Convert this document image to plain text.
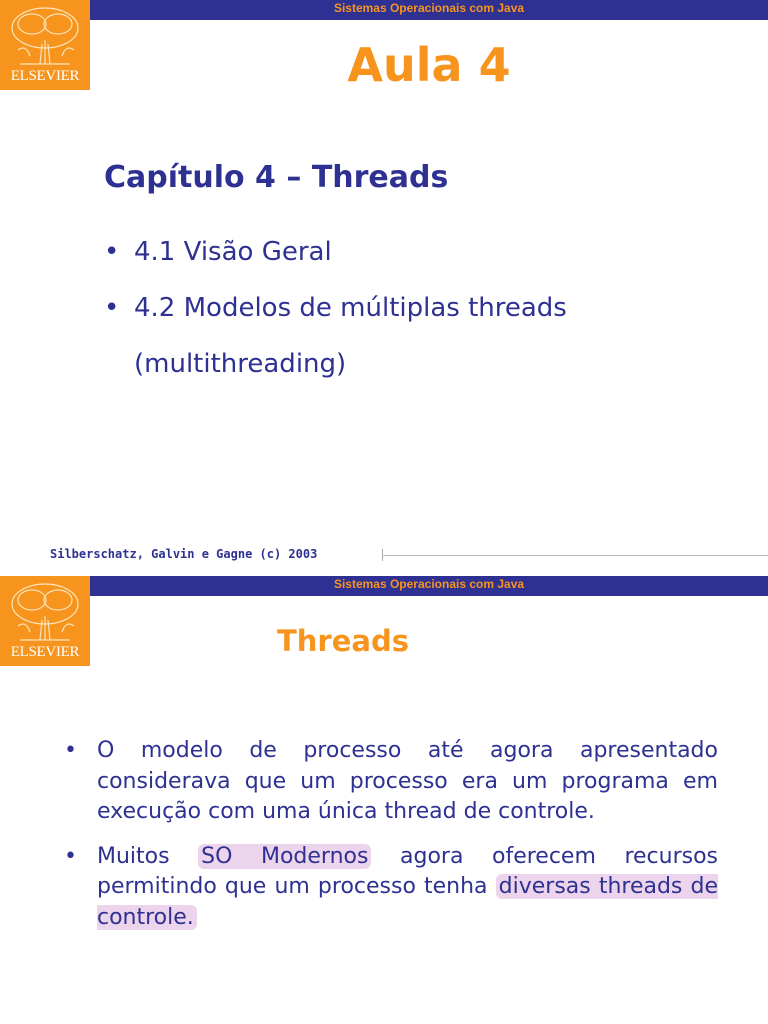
Sistemas Operacionais com Java
ELSEVIER	Aula 4
Capítulo 4 – Threads
• 4.1 Visão Geral
• 4.2 Modelos de múltiplas threads (multithreading)
Silberschatz, Galvin e Gagne (c) 2003
Sistemas Operacionais com Java
ELSEVIER	Threads
• O modelo de processo até agora apresentado considerava que um processo era um programa em execução com uma única thread de controle.
• Muitos SO Modernos agora oferecem recursos permitindo que um processo tenha diversas threads de controle.
